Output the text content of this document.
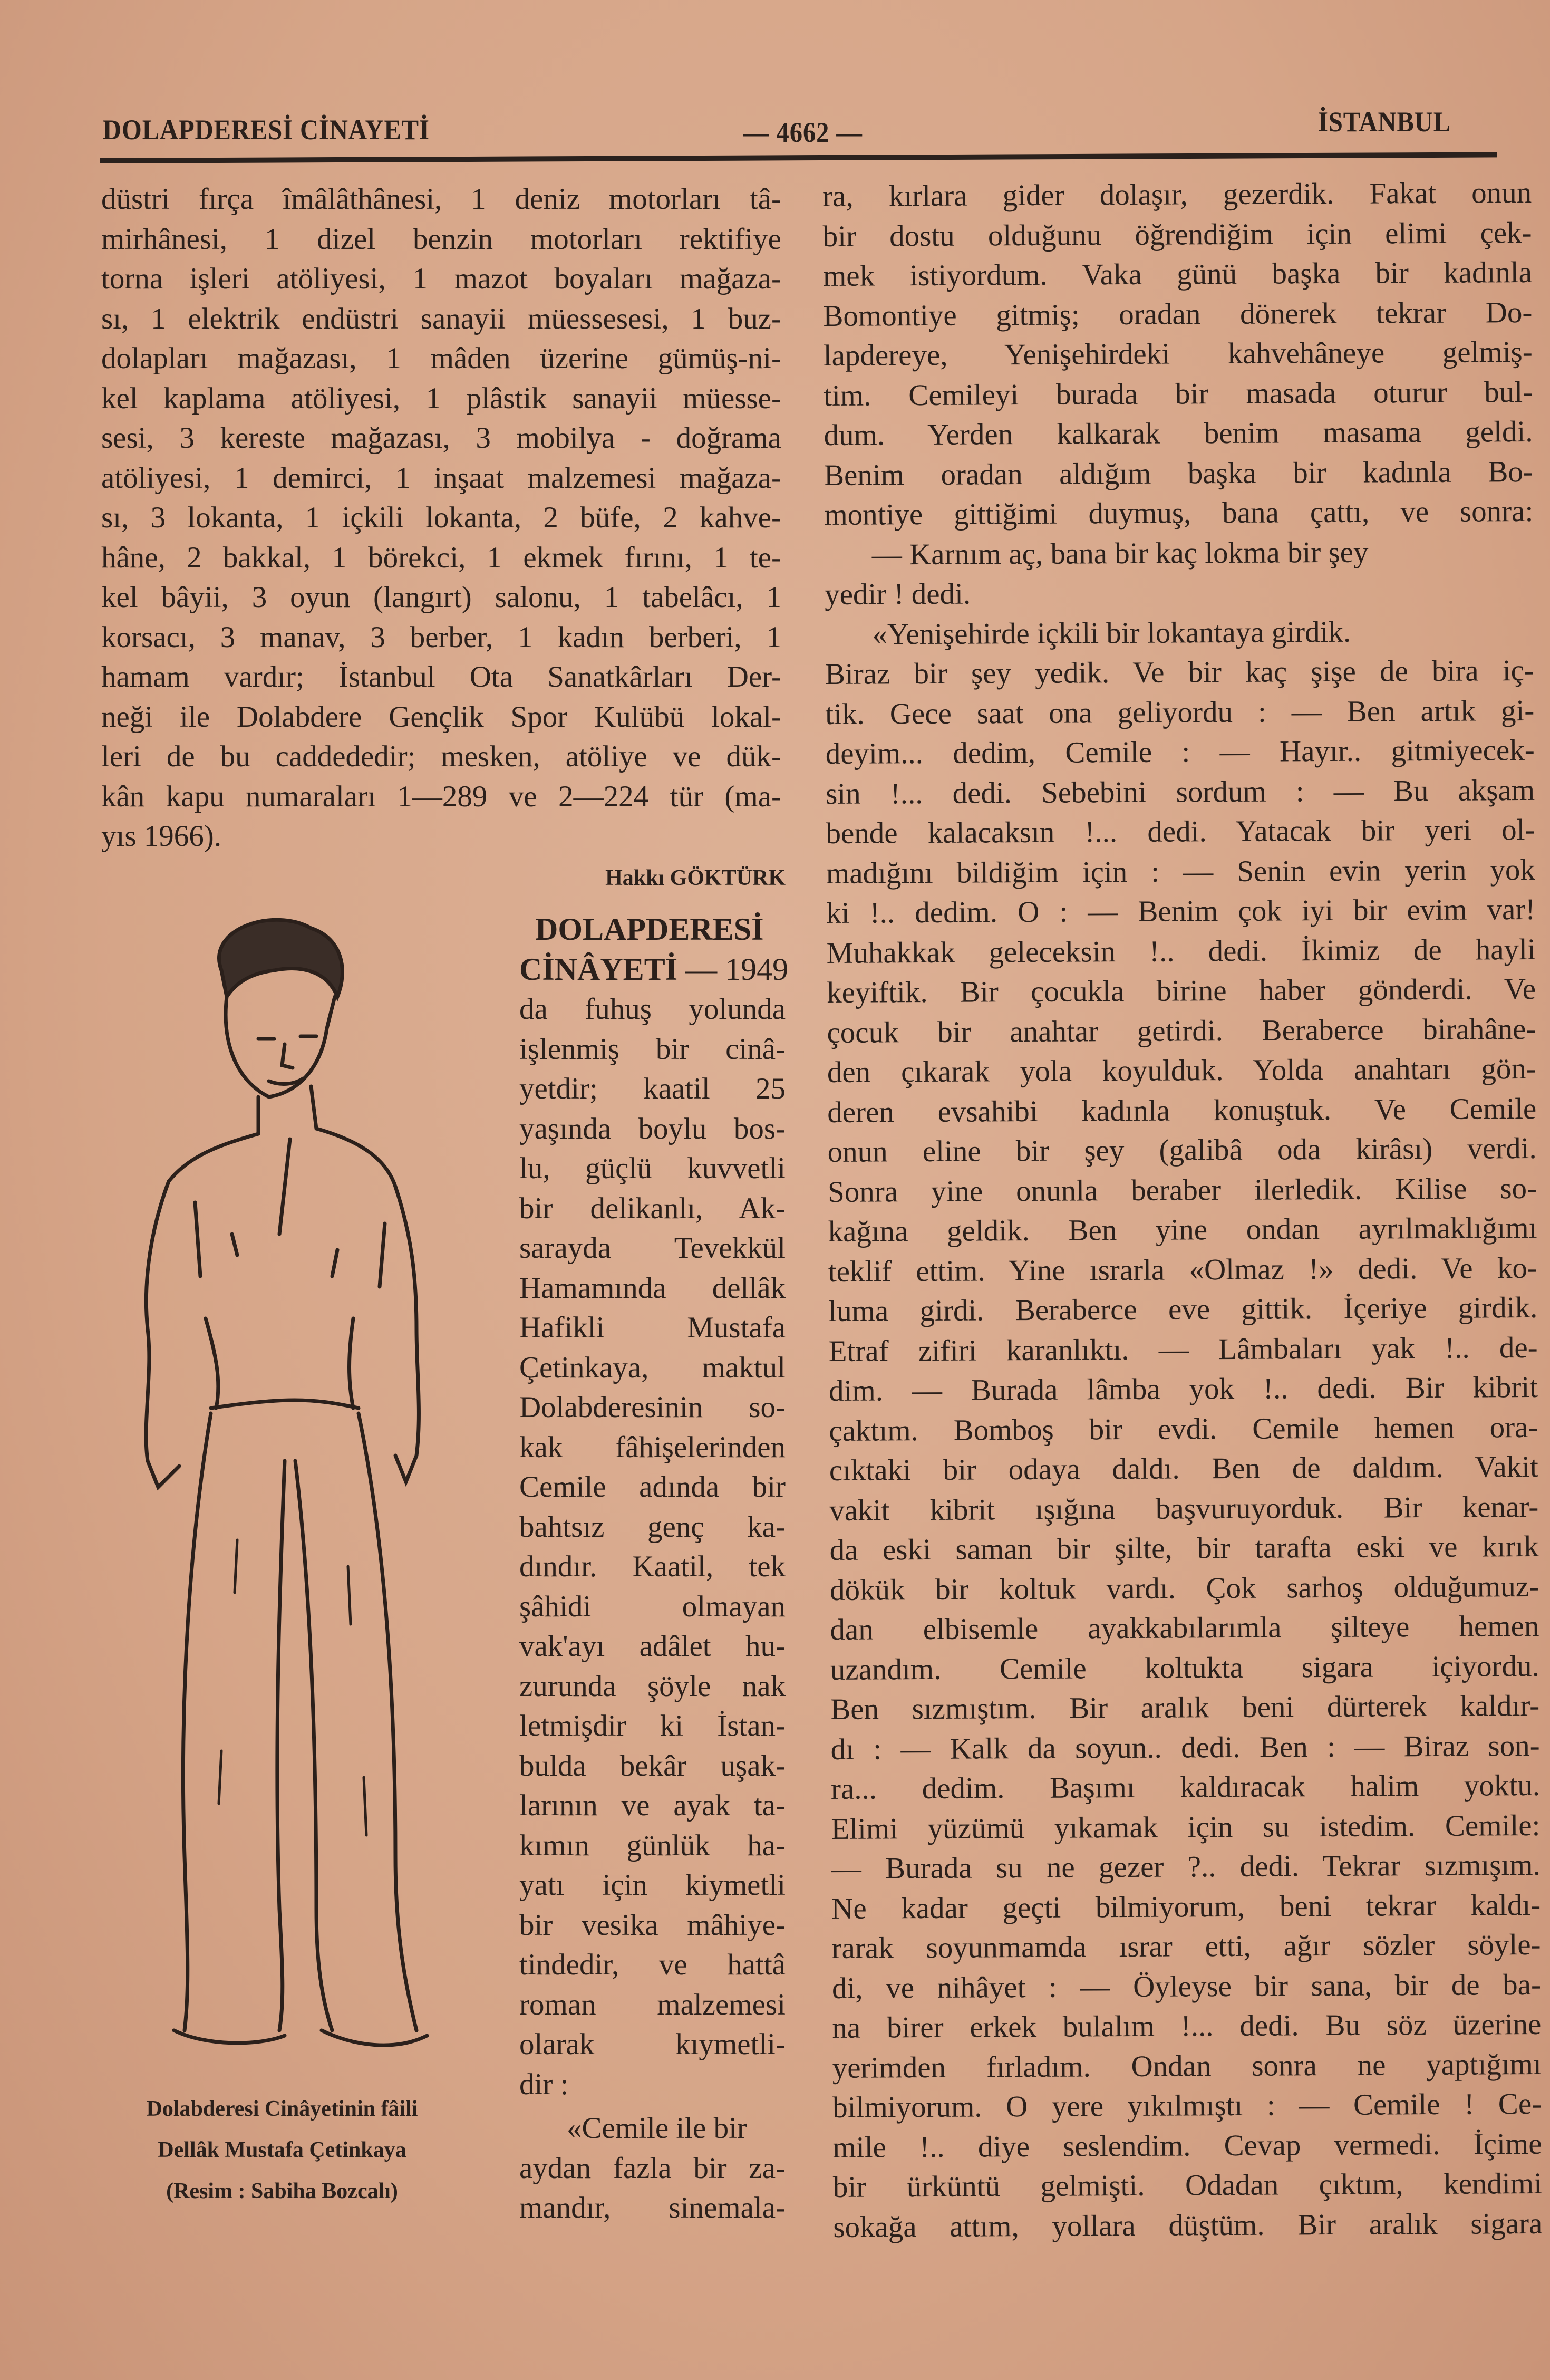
DOLAPDERESİ CİNAYETİ	— 4662 —	İSTANBUL
düstri fırça îmâlâthânesi, 1 deniz motorları tâ-
mirhânesi, 1 dizel benzin motorları rektifiye
torna işleri atöliyesi, 1 mazot boyaları mağaza-
sı, 1 elektrik endüstri sanayii müessesesi, 1 buz-
dolapları mağazası, 1 mâden üzerine gümüş-ni-
kel kaplama atöliyesi, 1 plâstik sanayii müesse-
sesi, 3 kereste mağazası, 3 mobilya - doğrama
atöliyesi, 1 demirci, 1 inşaat malzemesi mağaza-
sı, 3 lokanta, 1 içkili lokanta, 2 büfe, 2 kahve-
hâne, 2 bakkal, 1 börekci, 1 ekmek fırını, 1 te-
kel bâyii, 3 oyun (langırt) salonu, 1 tabelâcı, 1
korsacı, 3 manav, 3 berber, 1 kadın berberi, 1
hamam vardır; İstanbul Ota Sanatkârları Der-
neği ile Dolabdere Gençlik Spor Kulübü lokal-
leri de bu caddededir; mesken, atöliye ve dük-
kân kapu numaraları 1—289 ve 2—224 tür (ma-
yıs 1966).
Dolabderesi Cinâyetinin fâili
Dellâk Mustafa Çetinkaya
(Resim : Sabiha Bozcalı)
Hakkı GÖKTÜRK
DOLAPDERESİ
CİNÂYETİ — 1949
da fuhuş yolunda
işlenmiş bir cinâ-
yetdir; kaatil 25
yaşında boylu bos-
lu, güçlü kuvvetli
bir delikanlı, Ak-
sarayda Tevekkül
Hamamında dellâk
Hafikli Mustafa
Çetinkaya, maktul
Dolabderesinin so-
kak fâhişelerinden
Cemile adında bir
bahtsız genç ka-
dındır. Kaatil, tek
şâhidi olmayan
vak'ayı adâlet hu-
zurunda şöyle nak
letmişdir ki İstan-
bulda bekâr uşak-
larının ve ayak ta-
kımın günlük ha-
yatı için kiymetli
bir vesika mâhiye-
tindedir, ve hattâ
roman malzemesi
olarak kıymetli-
dir :
«Cemile ile bir
aydan fazla bir za-
mandır, sinemala-
ra, kırlara gider dolaşır, gezerdik. Fakat onun
bir dostu olduğunu öğrendiğim için elimi çek-
mek istiyordum. Vaka günü başka bir kadınla
Bomontiye gitmiş; oradan dönerek tekrar Do-
lapdereye, Yenişehirdeki kahvehâneye gelmiş-
tim. Cemileyi burada bir masada oturur bul-
dum. Yerden kalkarak benim masama geldi.
Benim oradan aldığım başka bir kadınla Bo-
montiye gittiğimi duymuş, bana çattı, ve sonra:
— Karnım aç, bana bir kaç lokma bir şey
yedir ! dedi.
«Yenişehirde içkili bir lokantaya girdik.
Biraz bir şey yedik. Ve bir kaç şişe de bira iç-
tik. Gece saat ona geliyordu : — Ben artık gi-
deyim... dedim, Cemile : — Hayır.. gitmiyecek-
sin !... dedi. Sebebini sordum : — Bu akşam
bende kalacaksın !... dedi. Yatacak bir yeri ol-
madığını bildiğim için : — Senin evin yerin yok
ki !.. dedim. O : — Benim çok iyi bir evim var!
Muhakkak geleceksin !.. dedi. İkimiz de hayli
keyiftik. Bir çocukla birine haber gönderdi. Ve
çocuk bir anahtar getirdi. Beraberce birahâne-
den çıkarak yola koyulduk. Yolda anahtarı gön-
deren evsahibi kadınla konuştuk. Ve Cemile
onun eline bir şey (galibâ oda kirâsı) verdi.
Sonra yine onunla beraber ilerledik. Kilise so-
kağına geldik. Ben yine ondan ayrılmaklığımı
teklif ettim. Yine ısrarla «Olmaz !» dedi. Ve ko-
luma girdi. Beraberce eve gittik. İçeriye girdik.
Etraf zifiri karanlıktı. — Lâmbaları yak !.. de-
dim. — Burada lâmba yok !.. dedi. Bir kibrit
çaktım. Bomboş bir evdi. Cemile hemen ora-
cıktaki bir odaya daldı. Ben de daldım. Vakit
vakit kibrit ışığına başvuruyorduk. Bir kenar-
da eski saman bir şilte, bir tarafta eski ve kırık
dökük bir koltuk vardı. Çok sarhoş olduğumuz-
dan elbisemle ayakkabılarımla şilteye hemen
uzandım. Cemile koltukta sigara içiyordu.
Ben sızmıştım. Bir aralık beni dürterek kaldır-
dı : — Kalk da soyun.. dedi. Ben : — Biraz son-
ra... dedim. Başımı kaldıracak halim yoktu.
Elimi yüzümü yıkamak için su istedim. Cemile:
— Burada su ne gezer ?.. dedi. Tekrar sızmışım.
Ne kadar geçti bilmiyorum, beni tekrar kaldı-
rarak soyunmamda ısrar etti, ağır sözler söyle-
di, ve nihâyet : — Öyleyse bir sana, bir de ba-
na birer erkek bulalım !... dedi. Bu söz üzerine
yerimden fırladım. Ondan sonra ne yaptığımı
bilmiyorum. O yere yıkılmıştı : — Cemile ! Ce-
mile !.. diye seslendim. Cevap vermedi. İçime
bir ürküntü gelmişti. Odadan çıktım, kendimi
sokağa attım, yollara düştüm. Bir aralık sigara
